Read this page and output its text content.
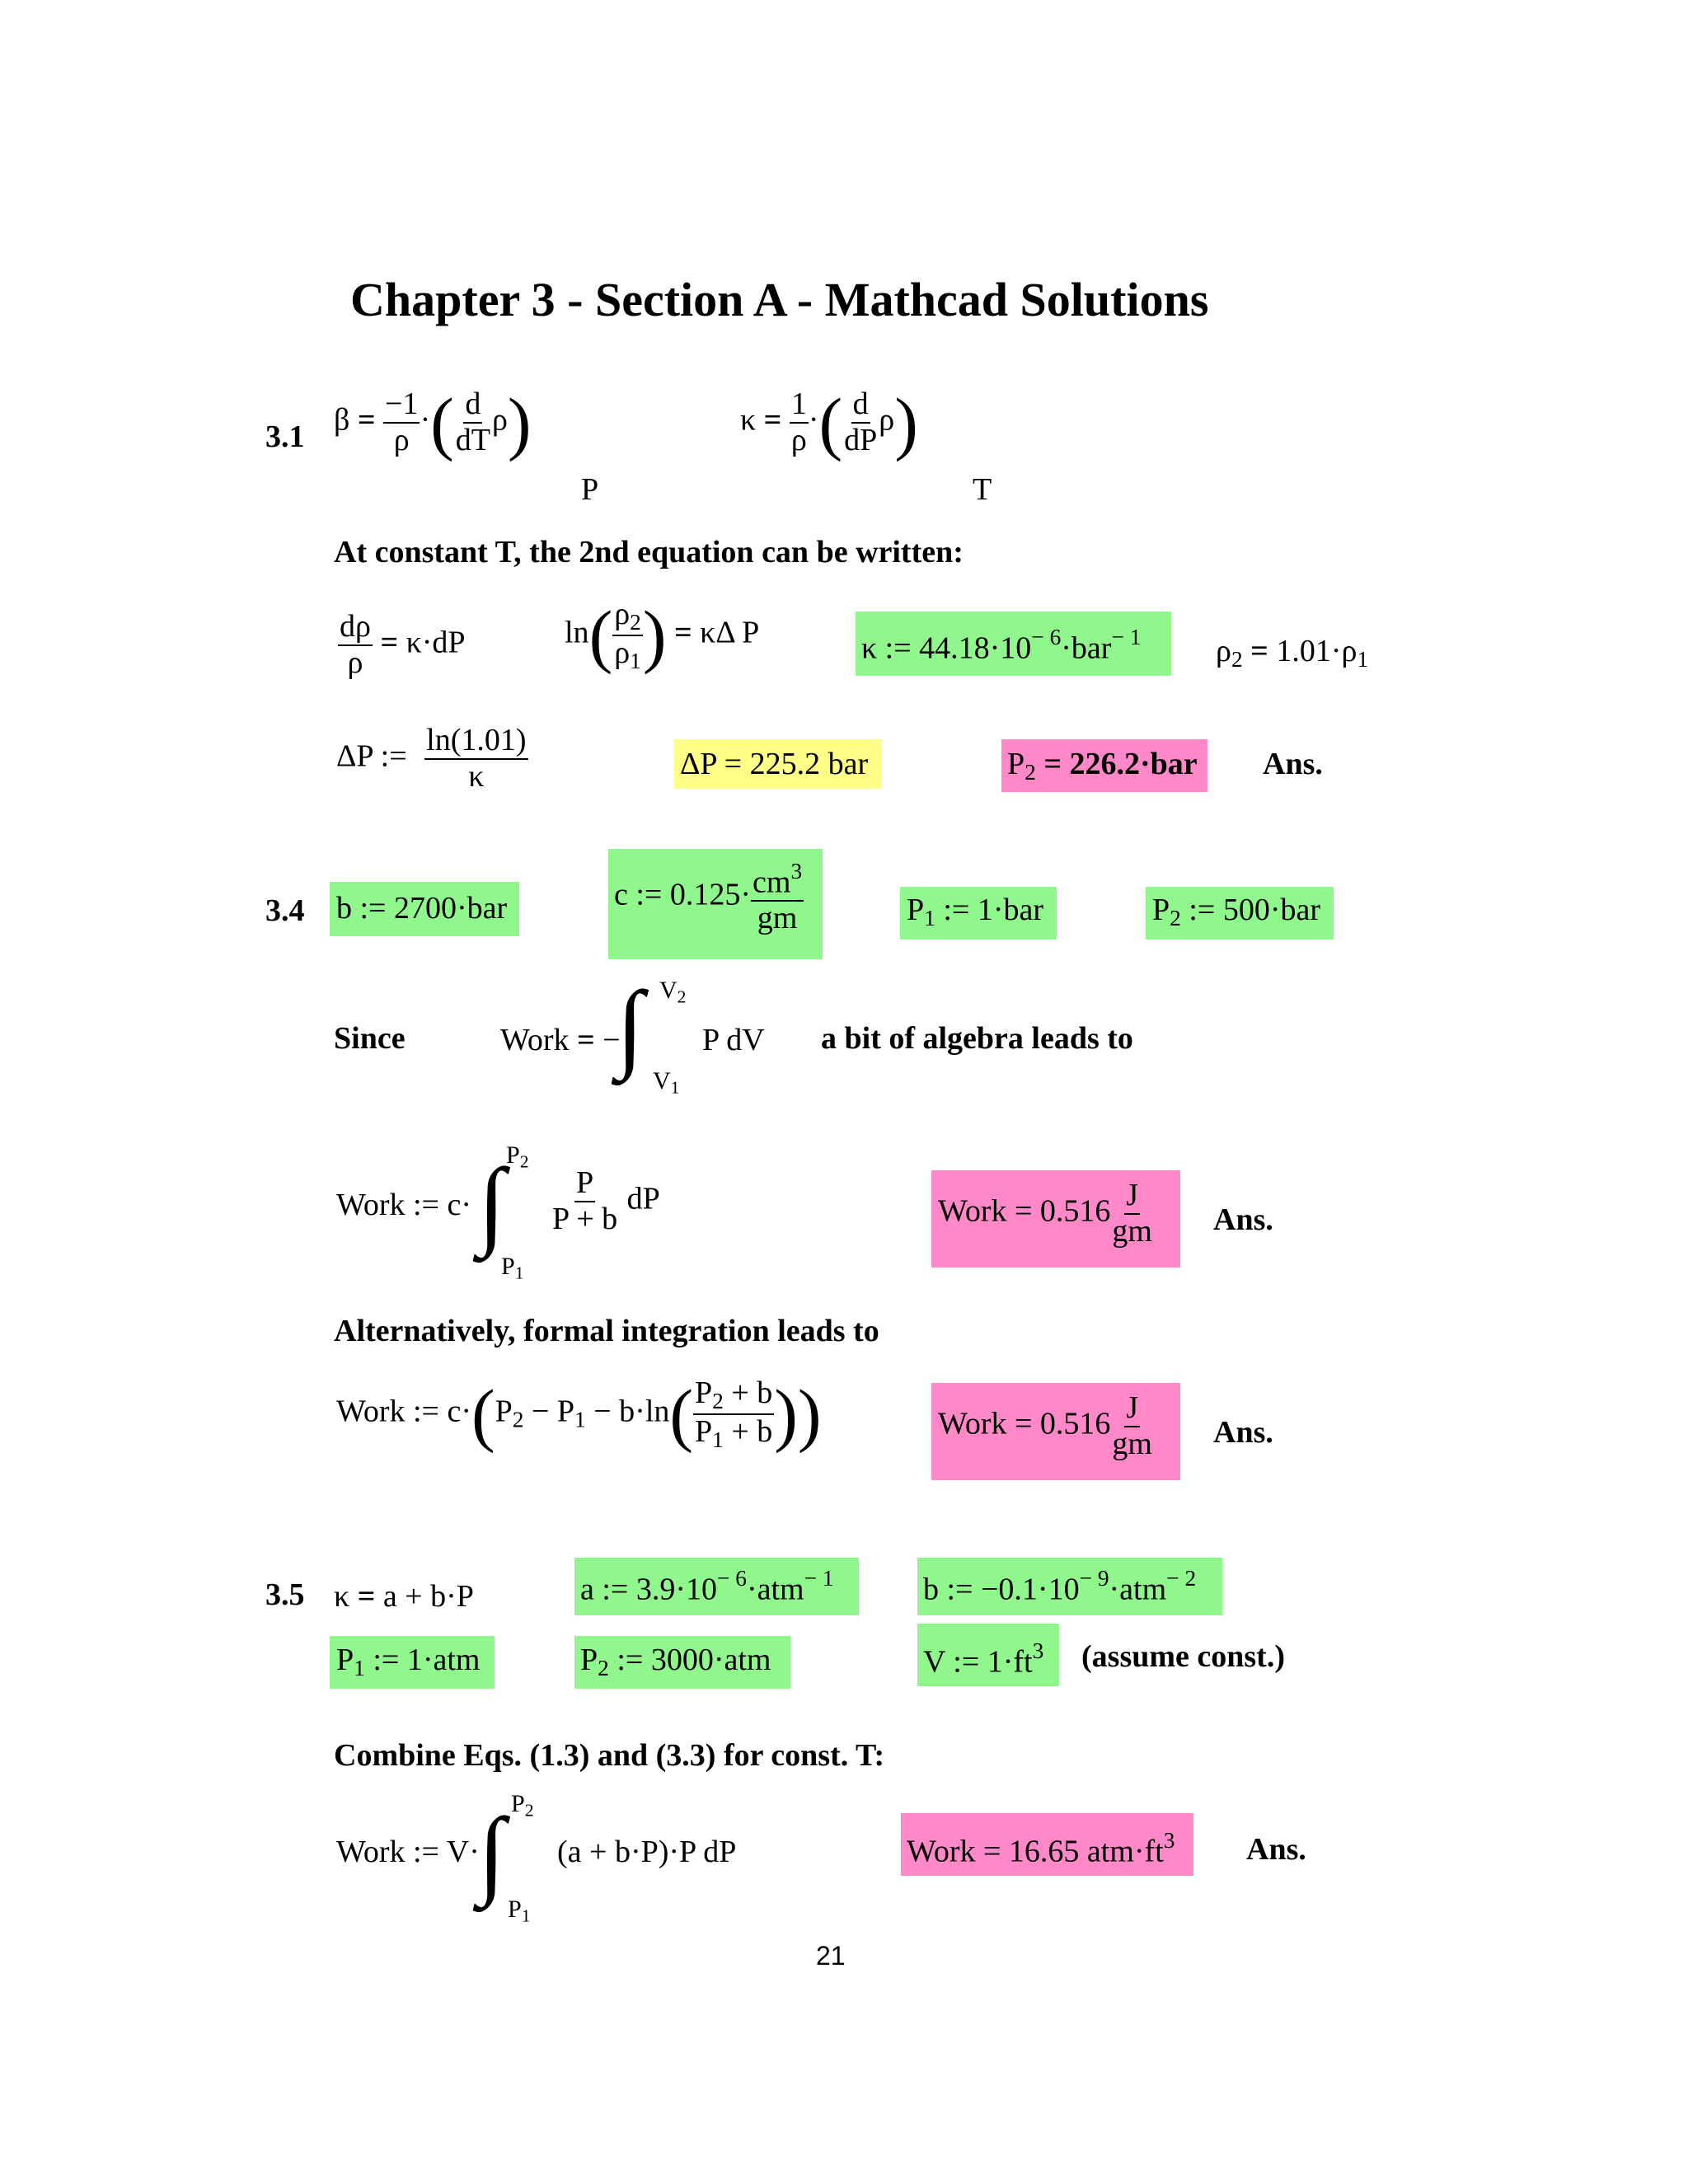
Chapter 3 - Section A - Mathcad Solutions
3.1 $\beta = \frac{-1}{\rho}$ ·( $\frac{d}{dT} \rho$)
P
$\kappa = \frac{1}{\rho}$ ·( $\frac{d}{dP} \rho$)
T
At constant T, the 2nd equation can be written:
$\frac{d\rho}{\rho} = \kappa\cdot dP$	$\ln( \frac{\rho_2}{\rho_1}$ ) = κΔ P	κ := $44.18\cdot 10^{- 6}\cdot bar^{- 1}$ $\rho_2 = 1.01\cdot\rho_1$
ΔP := $\frac{\ln(1.01)}{\kappa}$	ΔP = 225.2 bar	$P_2 = 226.2\cdot bar$ Ans.
3.4 b := 2700·bar	c := $0.125\cdot \frac{cm^3}{gm}$	$P_1$ := 1·bar	$P_2$ := 500·bar
Since	Work = −
∫ $V_2$
$V_1$
P dV a bit of algebra leads to
Work := c· ∫ $P_2$
$P_1$
$\frac{P}{P + b}$ dP	Work = $0.516 \frac{J}{gm}$ Ans.
Alternatively, formal integration leads to
Work := $c\cdot(P_2 - P_1 - b\cdot\ln( \frac{P_2 + b}{P_1 + b}$ ))	Work = $0.516 \frac{J}{gm}$ Ans.
3.5 κ = a + b·P	a := $3.9\cdot 10^{- 6}\cdot atm^{- 1}$	b := $-0.1\cdot 10^{- 9}\cdot atm^{- 2}$
$P_1$ := 1·atm	$P_2$ := 3000·atm	V := $1\cdot ft^3$ (assume const.)
Combine Eqs. (1.3) and (3.3) for const. T:
Work := V·
∫ $P_2$
$P_1$
(a + b·P)·P dP	Work = 16.65 $atm\cdot ft^3$ Ans.
21
